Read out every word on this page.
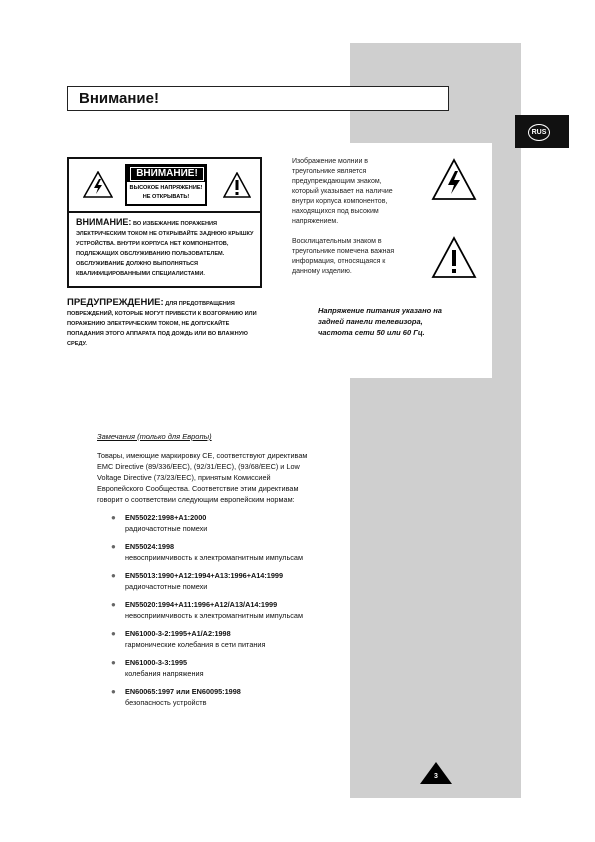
Внимание!
RUS
ВНИМАНИЕ!
ВЫСОКОЕ НАПРЯЖЕНИЕ!
НЕ ОТКРЫВАТЬ!
ВНИМАНИЕ: ВО ИЗБЕЖАНИЕ ПОРАЖЕНИЯ
ЭЛЕКТРИЧЕСКИМ ТОКОМ НЕ ОТКРЫВАЙТЕ ЗАДНЮЮ КРЫШКУ
УСТРОЙСТВА. ВНУТРИ КОРПУСА НЕТ КОМПОНЕНТОВ,
ПОДЛЕЖАЩИХ ОБСЛУЖИВАНИЮ ПОЛЬЗОВАТЕЛЕМ.
ОБСЛУЖИВАНИЕ ДОЛЖНО ВЫПОЛНЯТЬСЯ
КВАЛИФИЦИРОВАННЫМИ СПЕЦИАЛИСТАМИ.
ПРЕДУПРЕЖДЕНИЕ: ДЛЯ ПРЕДОТВРАЩЕНИЯ
ПОВРЕЖДЕНИЙ, КОТОРЫЕ МОГУТ ПРИВЕСТИ К ВОЗГОРАНИЮ ИЛИ
ПОРАЖЕНИЮ ЭЛЕКТРИЧЕСКИМ ТОКОМ, НЕ ДОПУСКАЙТЕ
ПОПАДАНИЯ ЭТОГО АППАРАТА ПОД ДОЖДЬ ИЛИ ВО ВЛАЖНУЮ
СРЕДУ.
Изображение молнии в
треугольнике является
предупреждающим знаком,
который указывает на наличие
внутри корпуса компонентов,
находящихся под высоким
напряжением.
Восклицательным знаком в
треугольнике помечена важная
информация, относящаяся к
данному изделию.
Напряжение питания указано на
задней панели телевизора,
частота сети 50 или 60 Гц.
Замечания (только для Европы)
Товары, имеющие маркировку CE, соответствуют директивам
EMC Directive (89/336/EEC), (92/31/EEC), (93/68/EEC) и Low
Voltage Directive (73/23/EEC), принятым Комиссией
Европейского Сообщества. Соответствие этим директивам
говорит о соответствии следующим европейским нормам:
● EN55022:1998+A1:2000
радиочастотные помехи
● EN55024:1998
невосприимчивость к электромагнитным импульсам
● EN55013:1990+A12:1994+A13:1996+A14:1999
радиочастотные помехи
● EN55020:1994+A11:1996+A12/A13/A14:1999
невосприимчивость к электромагнитным импульсам
● EN61000-3-2:1995+A1/A2:1998
гармонические колебания в сети питания
● EN61000-3-3:1995
колебания напряжения
● EN60065:1997 или EN60095:1998
безопасность устройств
3
